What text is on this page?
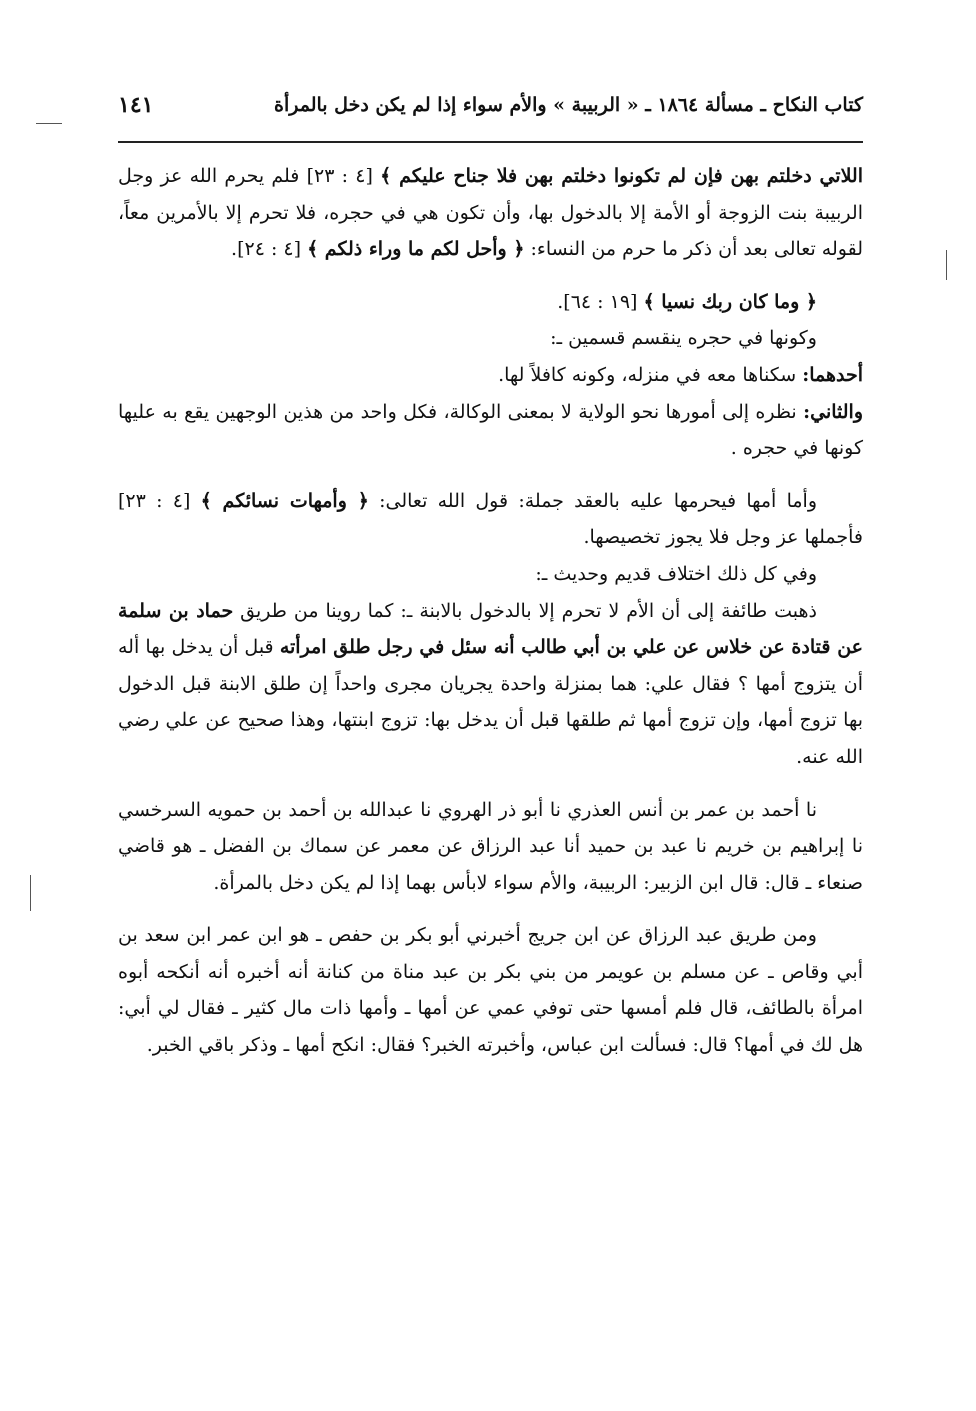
كتاب النكاح ـ مسألة ١٨٦٤ ـ « الربيبة » والأم سواء إذا لم يكن دخل بالمرأة
١٤١

اللاتي دخلتم بهن فإن لم تكونوا دخلتم بهن فلا جناح عليكم ﴾ [٤ : ٢٣] فلم يحرم الله عز وجل الربيبة بنت الزوجة أو الأمة إلا بالدخول بها، وأن تكون هي في حجره، فلا تحرم إلا بالأمرين معاً، لقوله تعالى بعد أن ذكر ما حرم من النساء: ﴿ وأحل لكم ما وراء ذلكم ﴾ [٤ : ٢٤].

﴿ وما كان ربك نسيا ﴾ [١٩ : ٦٤].

وكونها في حجره ينقسم قسمين ـ:

أحدهما: سكناها معه في منزله، وكونه كافلاً لها.

والثاني: نظره إلى أمورها نحو الولاية لا بمعنى الوكالة، فكل واحد من هذين الوجهين يقع به عليها كونها في حجره .

وأما أمها فيحرمها عليه بالعقد جملة: قول الله تعالى: ﴿ وأمهات نسائكم ﴾ [٤ : ٢٣] فأجملها عز وجل فلا يجوز تخصيصها.

وفي كل ذلك اختلاف قديم وحديث ـ:

ذهبت طائفة إلى أن الأم لا تحرم إلا بالدخول بالابنة ـ: كما روينا من طريق حماد بن سلمة عن قتادة عن خلاس عن علي بن أبي طالب أنه سئل في رجل طلق امرأته قبل أن يدخل بها أله أن يتزوج أمها ؟ فقال علي: هما بمنزلة واحدة يجريان مجرى واحداً إن طلق الابنة قبل الدخول بها تزوج أمها، وإن تزوج أمها ثم طلقها قبل أن يدخل بها: تزوج ابنتها، وهذا صحيح عن علي رضي الله عنه.

نا أحمد بن عمر بن أنس العذري نا أبو ذر الهروي نا عبدالله بن أحمد بن حمويه السرخسي نا إبراهيم بن خريم نا عبد بن حميد أنا عبد الرزاق عن معمر عن سماك بن الفضل ـ هو قاضي صنعاء ـ قال: قال ابن الزبير: الربيبة، والأم سواء لابأس بهما إذا لم يكن دخل بالمرأة.

ومن طريق عبد الرزاق عن ابن جريج أخبرني أبو بكر بن حفص ـ هو ابن عمر ابن سعد بن أبي وقاص ـ عن مسلم بن عويمر من بني بكر بن عبد مناة من كنانة أنه أخبره أنه أنكحه أبوه امرأة بالطائف، قال فلم أمسها حتى توفي عمي عن أمها ـ وأمها ذات مال كثير ـ فقال لي أبي: هل لك في أمها؟ قال: فسألت ابن عباس، وأخبرته الخبر؟ فقال: انكح أمها ـ وذكر باقي الخبر.
